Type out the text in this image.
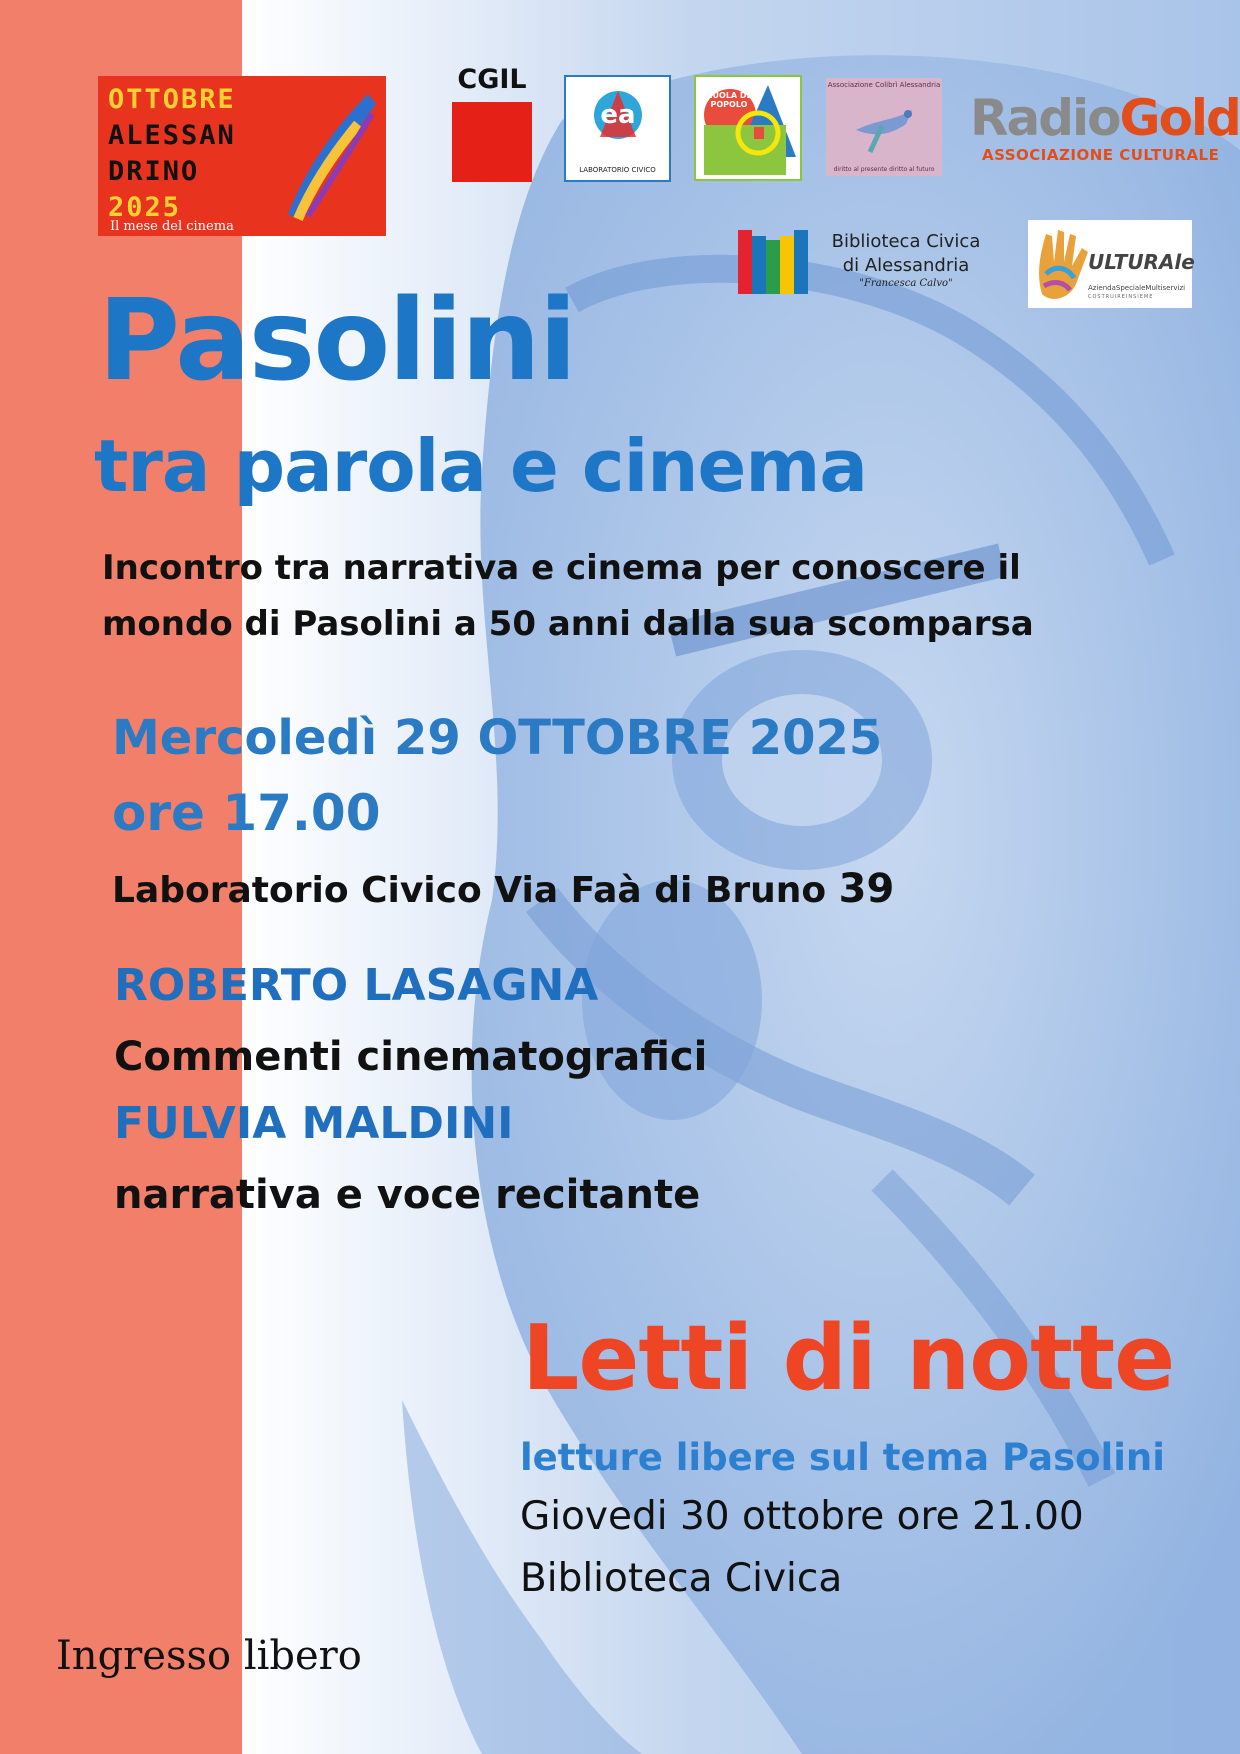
OTTOBRE
ALESSAN
DRINO
2025
Il mese del cinema
CGIL
ea
LABORATORIO CIVICO
SCUOLA DEL POPOLO
Associazione Colibrì Alessandria
diritto al presente diritto al futuro
RadioGold
ASSOCIAZIONE CULTURALE
Biblioteca Civica
di Alessandria
"Francesca Calvo"
ULTURAle
AziendaSpecialeMultiservizi
COSTRUIREINSIEME
Pasolini
tra parola e cinema
Incontro tra narrativa e cinema per conoscere il mondo di Pasolini a 50 anni dalla sua scomparsa
Mercoledì 29 OTTOBRE 2025
ore 17.00
Laboratorio Civico Via Faà di Bruno 39
ROBERTO LASAGNA
Commenti cinematografici
FULVIA MALDINI
narrativa e voce recitante
Letti di notte
letture libere sul tema Pasolini
Giovedi 30 ottobre ore 21.00
Biblioteca Civica
Ingresso libero
